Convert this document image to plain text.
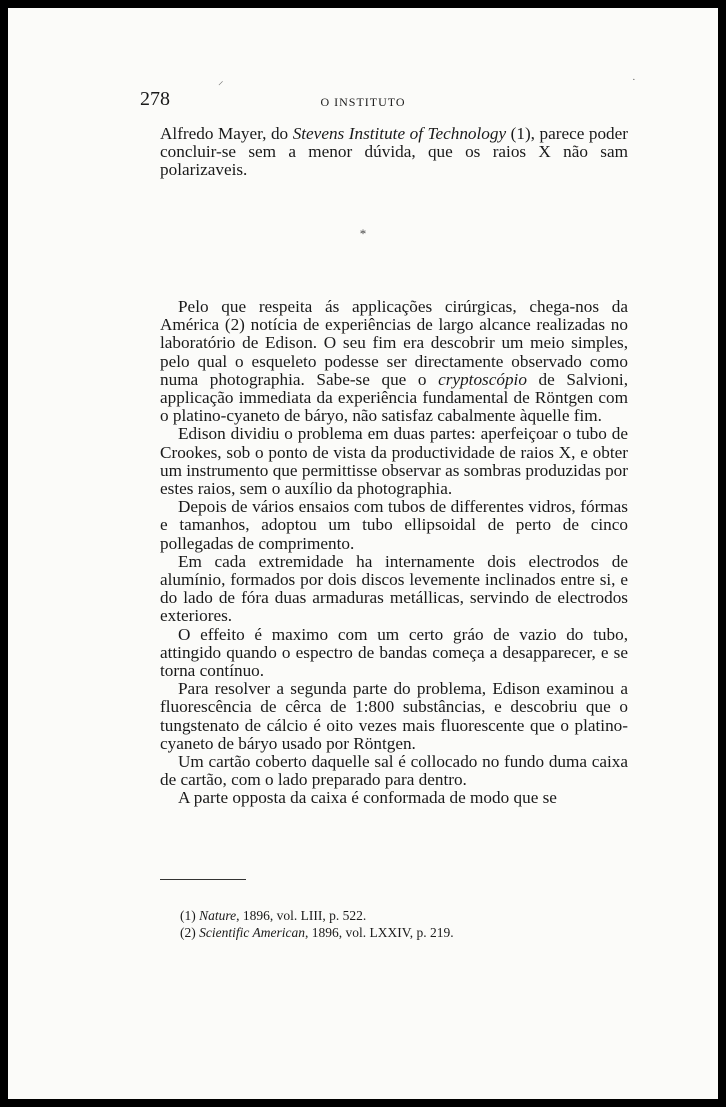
⸍	·
278	O INSTITUTO

Alfredo Mayer, do Stevens Institute of Technology (1), parece poder concluir-se sem a menor dúvida, que os raios X não sam polarizaveis.

*

Pelo que respeita ás applicações cirúrgicas, chega-nos da América (2) notícia de experiências de largo alcance realizadas no laboratório de Edison. O seu fim era descobrir um meio simples, pelo qual o esqueleto podesse ser directamente observado como numa photographia. Sabe-se que o cryptoscópio de Salvioni, applicação immediata da experiência fundamental de Röntgen com o platino-cyaneto de báryo, não satisfaz cabalmente àquelle fim.

Edison dividiu o problema em duas partes: aperfeiçoar o tubo de Crookes, sob o ponto de vista da productividade de raios X, e obter um instrumento que permittisse observar as sombras produzidas por estes raios, sem o auxílio da photographia.

Depois de vários ensaios com tubos de differentes vidros, fórmas e tamanhos, adoptou um tubo ellipsoidal de perto de cinco pollegadas de comprimento.

Em cada extremidade ha internamente dois electrodos de alumínio, formados por dois discos levemente inclinados entre si, e do lado de fóra duas armaduras metállicas, servindo de electrodos exteriores.

O effeito é maximo com um certo gráo de vazio do tubo, attingido quando o espectro de bandas começa a desapparecer, e se torna contínuo.

Para resolver a segunda parte do problema, Edison examinou a fluorescência de cêrca de 1:800 substâncias, e descobriu que o tungstenato de cálcio é oito vezes mais fluorescente que o platino-cyaneto de báryo usado por Röntgen.

Um cartão coberto daquelle sal é collocado no fundo duma caixa de cartão, com o lado preparado para dentro.

A parte opposta da caixa é conformada de modo que se

(1) Nature, 1896, vol. LIII, p. 522.
(2) Scientific American, 1896, vol. LXXIV, p. 219.
